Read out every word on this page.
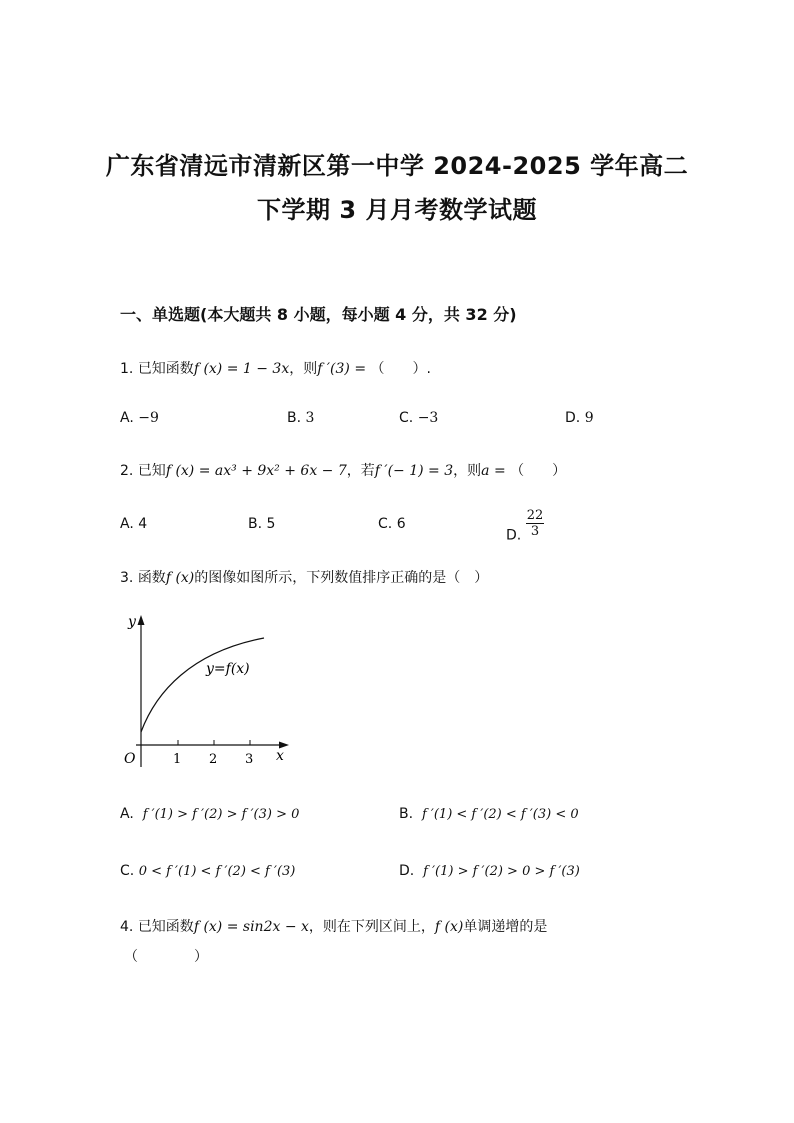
广东省清远市清新区第一中学 2024-2025 学年高二
下学期 3 月月考数学试题
一、单选题(本大题共 8 小题，每小题 4 分，共 32 分)
1. 已知函数f (x) = 1 − 3x，则f ′(3) = （　　）.
A. −9	B. 3	C. −3	D. 9
2. 已知f (x) = ax³ + 9x² + 6x − 7，若f ′(− 1) = 3，则a = （　　）
A. 4	B. 5	C. 6
D. $\frac{22}{3}$
3. 函数f (x)的图像如图所示，下列数值排序正确的是（　）
y
x
O	1 2 3
y=f(x)
A. f ′(1) > f ′(2) > f ′(3) > 0	B. f ′(1) < f ′(2) < f ′(3) < 0
C. 0 < f ′(1) < f ′(2) < f ′(3)	D. f ′(1) > f ′(2) > 0 > f ′(3)
4. 已知函数f (x) = sin2x − x，则在下列区间上，f (x)单调递增的是
（　　　　）
